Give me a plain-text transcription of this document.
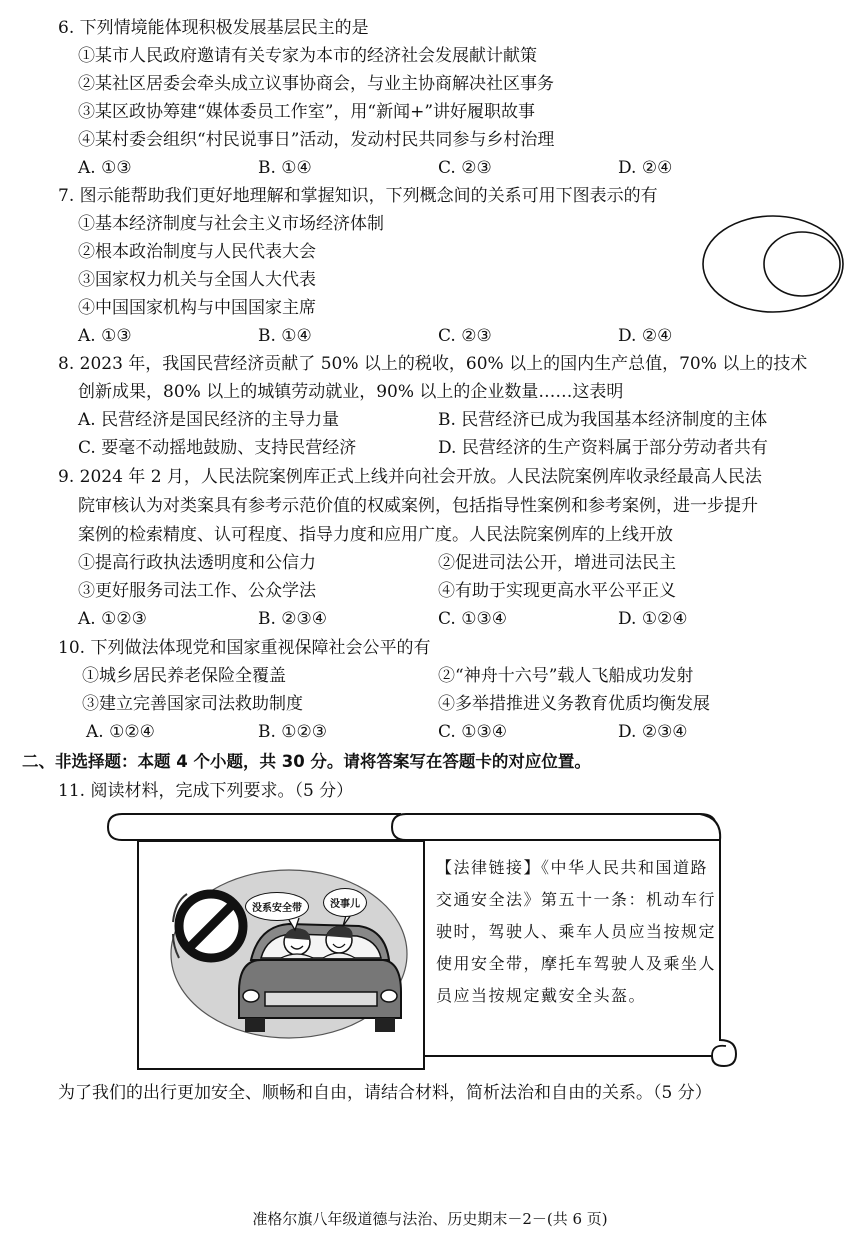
6. 下列情境能体现积极发展基层民主的是
①某市人民政府邀请有关专家为本市的经济社会发展献计献策
②某社区居委会牵头成立议事协商会，与业主协商解决社区事务
③某区政协筹建“媒体委员工作室”，用“新闻+”讲好履职故事
④某村委会组织“村民说事日”活动，发动村民共同参与乡村治理
A. ①③	B. ①④	C. ②③	D. ②④
7. 图示能帮助我们更好地理解和掌握知识，下列概念间的关系可用下图表示的有
①基本经济制度与社会主义市场经济体制
②根本政治制度与人民代表大会
③国家权力机关与全国人大代表
④中国国家机构与中国国家主席
A. ①③	B. ①④	C. ②③	D. ②④
8. 2023 年，我国民营经济贡献了 50% 以上的税收，60% 以上的国内生产总值，70% 以上的技术
创新成果，80% 以上的城镇劳动就业，90% 以上的企业数量……这表明
A. 民营经济是国民经济的主导力量	B. 民营经济已成为我国基本经济制度的主体
C. 要毫不动摇地鼓励、支持民营经济	D. 民营经济的生产资料属于部分劳动者共有
9. 2024 年 2 月，人民法院案例库正式上线并向社会开放。人民法院案例库收录经最高人民法
院审核认为对类案具有参考示范价值的权威案例，包括指导性案例和参考案例，进一步提升
案例的检索精度、认可程度、指导力度和应用广度。人民法院案例库的上线开放
①提高行政执法透明度和公信力	②促进司法公开，增进司法民主
③更好服务司法工作、公众学法	④有助于实现更高水平公平正义
A. ①②③	B. ②③④	C. ①③④	D. ①②④
10. 下列做法体现党和国家重视保障社会公平的有
①城乡居民养老保险全覆盖	②“神舟十六号”载人飞船成功发射
③建立完善国家司法救助制度	④多举措推进义务教育优质均衡发展
A. ①②④	B. ①②③	C. ①③④	D. ②③④
二、非选择题：本题 4 个小题，共 30 分。请将答案写在答题卡的对应位置。
11. 阅读材料，完成下列要求。（5 分）
没系安全带	没事儿
【法律链接】《中华人民共和国道路交通安全法》第五十一条：机动车行驶时，驾驶人、乘车人员应当按规定使用安全带，摩托车驾驶人及乘坐人员应当按规定戴安全头盔。
为了我们的出行更加安全、顺畅和自由，请结合材料，简析法治和自由的关系。（5 分）
准格尔旗八年级道德与法治、历史期末－2－(共 6 页)
